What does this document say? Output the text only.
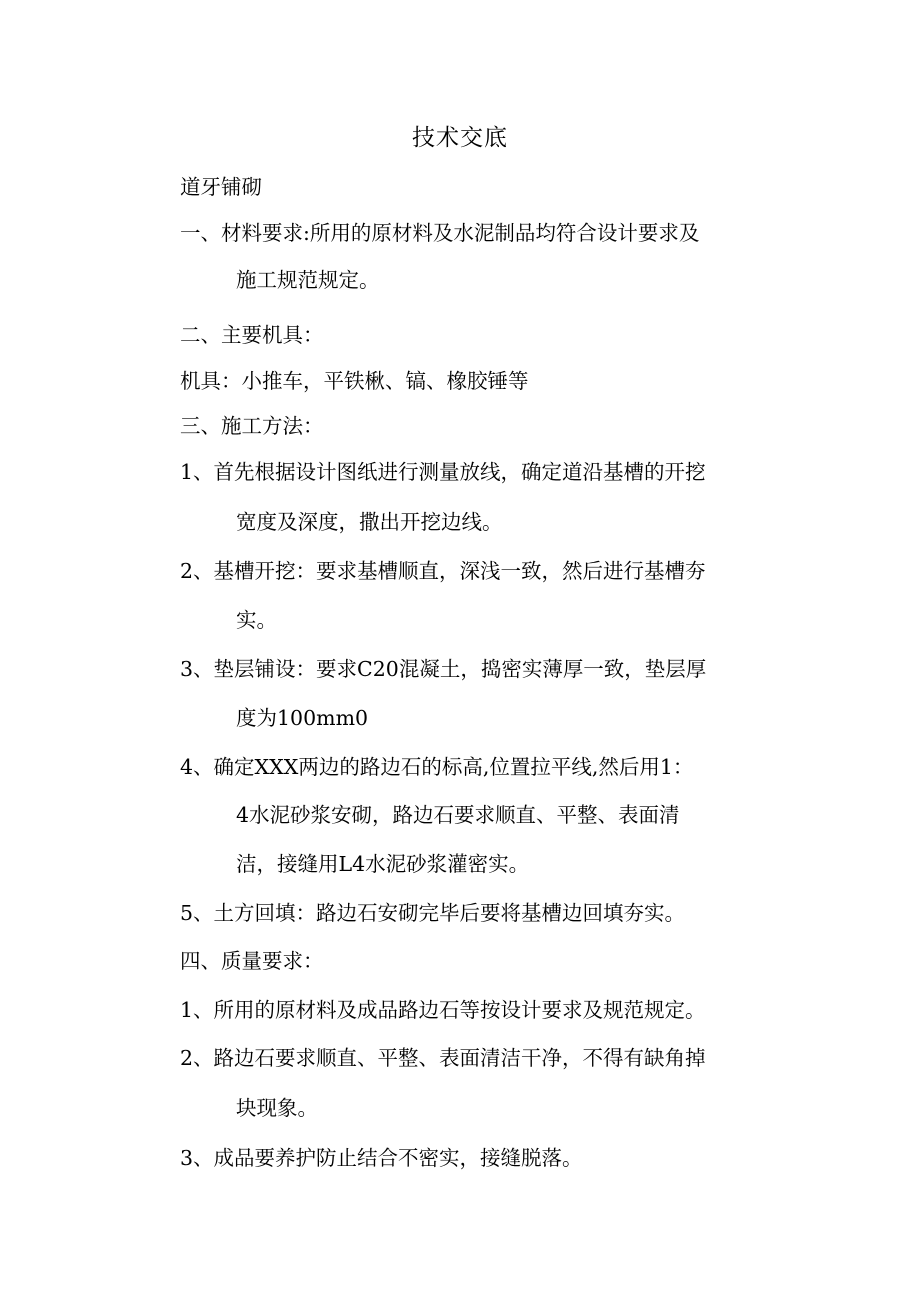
技术交底
道牙铺砌
一、材料要求:所用的原材料及水泥制品均符合设计要求及
施工规范规定。
二、主要机具：
机具：小推车，平铁楸、镐、橡胶锤等
三、施工方法：
1、首先根据设计图纸进行测量放线，确定道沿基槽的开挖
宽度及深度，撒出开挖边线。
2、基槽开挖：要求基槽顺直，深浅一致，然后进行基槽夯
实。
3、垫层铺设：要求C20混凝土，捣密实薄厚一致，垫层厚
度为100mm0
4、确定XXX两边的路边石的标高,位置拉平线,然后用1：
4水泥砂浆安砌，路边石要求顺直、平整、表面清
洁，接缝用L4水泥砂浆灌密实。
5、土方回填：路边石安砌完毕后要将基槽边回填夯实。
四、质量要求：
1、所用的原材料及成品路边石等按设计要求及规范规定。
2、路边石要求顺直、平整、表面清洁干净，不得有缺角掉
块现象。
3、成品要养护防止结合不密实，接缝脱落。
